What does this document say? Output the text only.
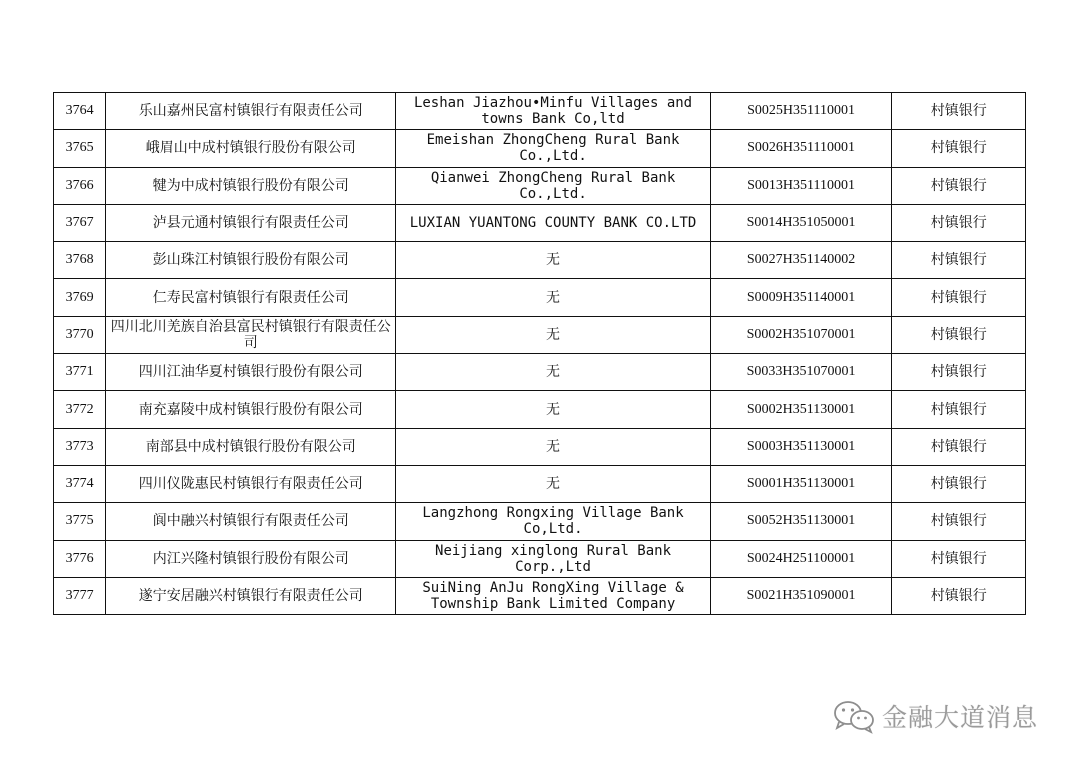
3764	乐山嘉州民富村镇银行有限责任公司	Leshan Jiazhou•Minfu Villages and towns Bank Co,ltd	S0025H351110001	村镇银行
3765	峨眉山中成村镇银行股份有限公司	Emeishan ZhongCheng Rural Bank Co.,Ltd.	S0026H351110001	村镇银行
3766	犍为中成村镇银行股份有限公司	Qianwei ZhongCheng Rural Bank Co.,Ltd.	S0013H351110001	村镇银行
3767	泸县元通村镇银行有限责任公司	LUXIAN YUANTONG COUNTY BANK CO.LTD	S0014H351050001	村镇银行
3768	彭山珠江村镇银行股份有限公司	无	S0027H351140002	村镇银行
3769	仁寿民富村镇银行有限责任公司	无	S0009H351140001	村镇银行
3770	四川北川羌族自治县富民村镇银行有限责任公司	无	S0002H351070001	村镇银行
3771	四川江油华夏村镇银行股份有限公司	无	S0033H351070001	村镇银行
3772	南充嘉陵中成村镇银行股份有限公司	无	S0002H351130001	村镇银行
3773	南部县中成村镇银行股份有限公司	无	S0003H351130001	村镇银行
3774	四川仪陇惠民村镇银行有限责任公司	无	S0001H351130001	村镇银行
3775	阆中融兴村镇银行有限责任公司	Langzhong Rongxing Village Bank Co,Ltd.	S0052H351130001	村镇银行
3776	内江兴隆村镇银行股份有限公司	Neijiang xinglong Rural Bank Corp.,Ltd	S0024H251100001	村镇银行
3777	遂宁安居融兴村镇银行有限责任公司	SuiNing AnJu RongXing Village & Township Bank Limited Company	S0021H351090001	村镇银行
金融大道消息
